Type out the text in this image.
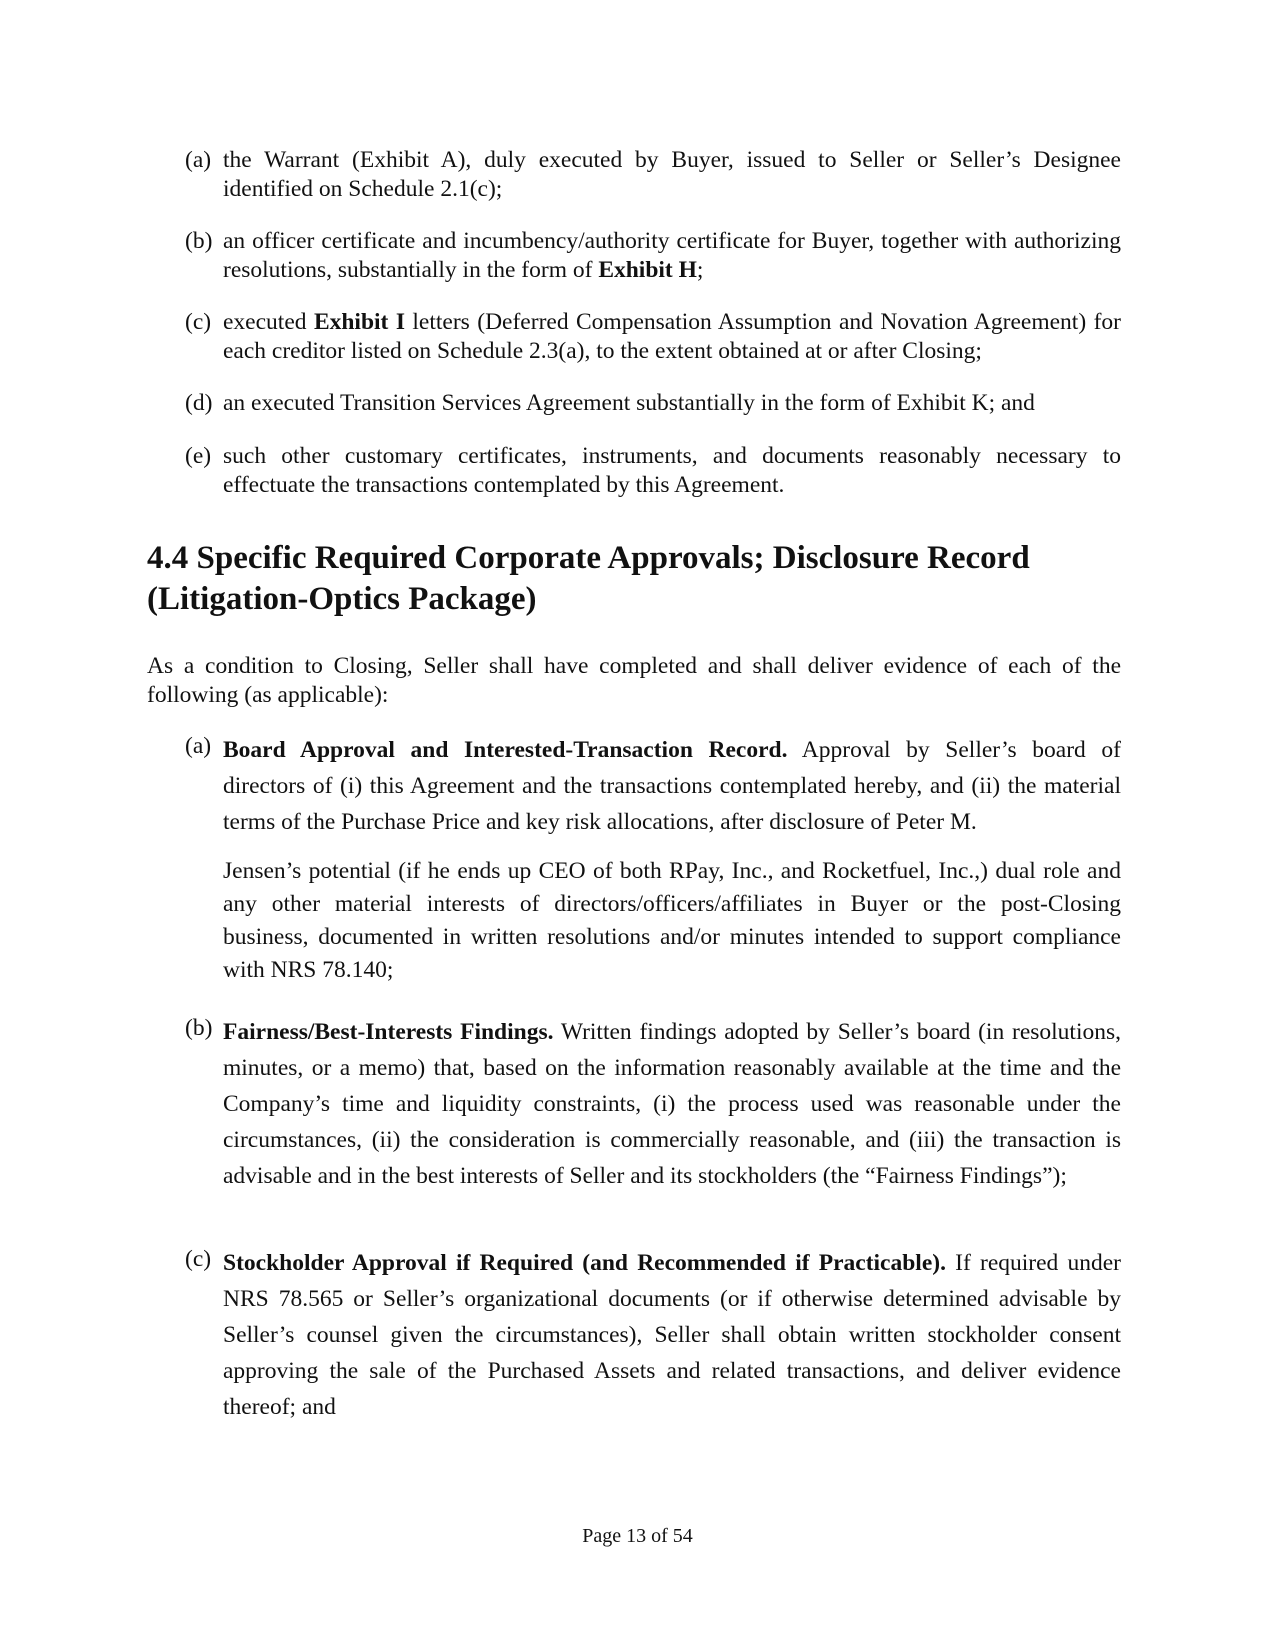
(a) the Warrant (Exhibit A), duly executed by Buyer, issued to Seller or Seller’s Designee identified on Schedule 2.1(c);
(b) an officer certificate and incumbency/authority certificate for Buyer, together with authorizing resolutions, substantially in the form of Exhibit H;
(c) executed Exhibit I letters (Deferred Compensation Assumption and Novation Agreement) for each creditor listed on Schedule 2.3(a), to the extent obtained at or after Closing;
(d) an executed Transition Services Agreement substantially in the form of Exhibit K; and
(e) such other customary certificates, instruments, and documents reasonably necessary to effectuate the transactions contemplated by this Agreement.
4.4 Specific Required Corporate Approvals; Disclosure Record (Litigation-Optics Package)
As a condition to Closing, Seller shall have completed and shall deliver evidence of each of the following (as applicable):
(a) Board Approval and Interested-Transaction Record. Approval by Seller’s board of directors of (i) this Agreement and the transactions contemplated hereby, and (ii) the material terms of the Purchase Price and key risk allocations, after disclosure of Peter M.
Jensen’s potential (if he ends up CEO of both RPay, Inc., and Rocketfuel, Inc.,) dual role and any other material interests of directors/officers/affiliates in Buyer or the post-Closing business, documented in written resolutions and/or minutes intended to support compliance with NRS 78.140;
(b) Fairness/Best-Interests Findings. Written findings adopted by Seller’s board (in resolutions, minutes, or a memo) that, based on the information reasonably available at the time and the Company’s time and liquidity constraints, (i) the process used was reasonable under the circumstances, (ii) the consideration is commercially reasonable, and (iii) the transaction is advisable and in the best interests of Seller and its stockholders (the “Fairness Findings”);
(c) Stockholder Approval if Required (and Recommended if Practicable). If required under NRS 78.565 or Seller’s organizational documents (or if otherwise determined advisable by Seller’s counsel given the circumstances), Seller shall obtain written stockholder consent approving the sale of the Purchased Assets and related transactions, and deliver evidence thereof; and
Page 13 of 54
